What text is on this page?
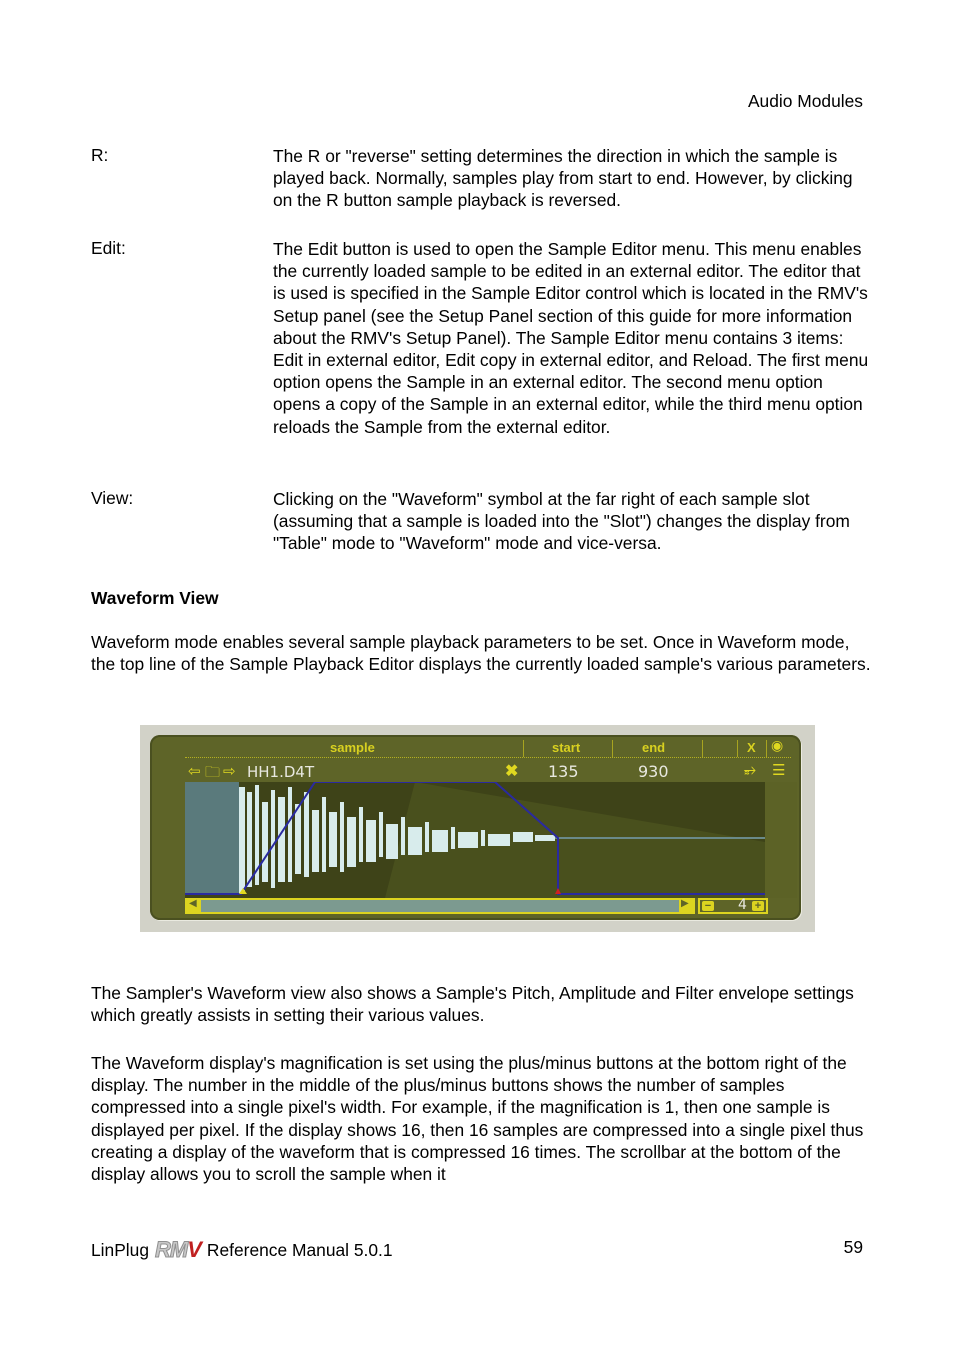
Audio Modules
R:	The R or "reverse" setting determines the direction in which the sample is played back. Normally, samples play from start to end. However, by clicking on the R button sample playback is reversed.
Edit:	The Edit button is used to open the Sample Editor menu. This menu enables the currently loaded sample to be edited in an external editor. The editor that is used is specified in the Sample Editor control which is located in the RMV's Setup panel (see the Setup Panel section of this guide for more information about the RMV's Setup Panel). The Sample Editor menu contains 3 items: Edit in external editor, Edit copy in external editor, and Reload. The first menu option opens the Sample in an external editor. The second menu option opens a copy of the Sample in an external editor, while the third menu option reloads the Sample from the external editor.
View:	Clicking on the "Waveform" symbol at the far right of each sample slot (assuming that a sample is loaded into the "Slot") changes the display from "Table" mode to "Waveform" mode and vice-versa.
Waveform View
Waveform mode enables several sample playback parameters to be set. Once in Waveform mode, the top line of the Sample Playback Editor displays the currently loaded sample's various parameters.
sample	start	end	X ◉
⇦ 🗀 ⇨ HH1.D4T	✖ 135	930	⥵ ☰
◀	▶ − 4 +
The Sampler's Waveform view also shows a Sample's Pitch, Amplitude and Filter envelope settings which greatly assists in setting their various values.
The Waveform display's magnification is set using the plus/minus buttons at the bottom right of the display. The number in the middle of the plus/minus buttons shows the number of samples compressed into a single pixel's width. For example, if the magnification is 1, then one sample is displayed per pixel. If the display shows 16, then 16 samples are compressed into a single pixel thus creating a display of the waveform that is compressed 16 times. The scrollbar at the bottom of the display allows you to scroll the sample when it
LinPlug RMV Reference Manual 5.0.1	59
